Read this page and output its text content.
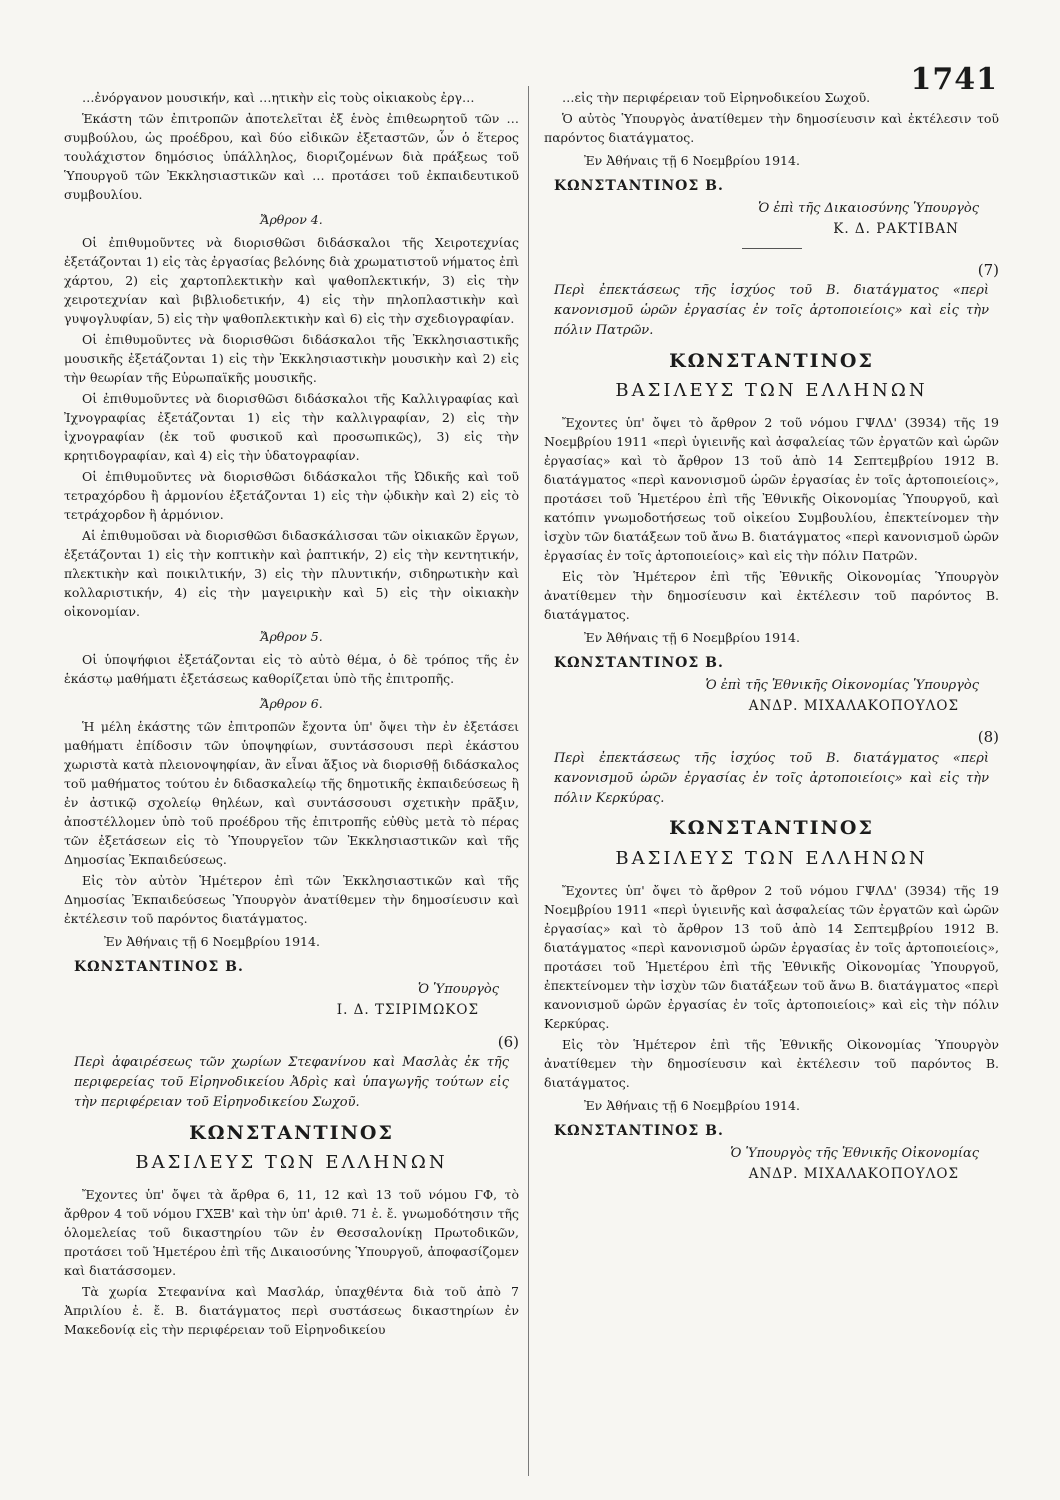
1741

…ἐνόργανον μουσικήν, καὶ …ητικὴν εἰς τοὺς οἰκιακοὺς ἐργ…

Ἑκάστη τῶν ἐπιτροπῶν ἀποτελεῖται ἐξ ἑνὸς ἐπιθεωρητοῦ τῶν … συμβούλου, ὡς προέδρου, καὶ δύο εἰδικῶν ἐξεταστῶν, ὧν ὁ ἕτερος τουλάχιστον δημόσιος ὑπάλληλος, διοριζομένων διὰ πράξεως τοῦ Ὑπουργοῦ τῶν Ἐκκλησιαστικῶν καὶ … προτάσει τοῦ ἐκπαιδευτικοῦ συμβουλίου.

Ἄρθρον 4.

Οἱ ἐπιθυμοῦντες νὰ διορισθῶσι διδάσκαλοι τῆς Χειροτεχνίας ἐξετάζονται 1) εἰς τὰς ἐργασίας βελόνης διὰ χρωματιστοῦ νήματος ἐπὶ χάρτου, 2) εἰς χαρτοπλεκτικὴν καὶ ψαθοπλεκτικήν, 3) εἰς τὴν χειροτεχνίαν καὶ βιβλιοδετικήν, 4) εἰς τὴν πηλοπλαστικὴν καὶ γυψογλυφίαν, 5) εἰς τὴν ψαθοπλεκτικὴν καὶ 6) εἰς τὴν σχεδιογραφίαν.

Οἱ ἐπιθυμοῦντες νὰ διορισθῶσι διδάσκαλοι τῆς Ἐκκλησιαστικῆς μουσικῆς ἐξετάζονται 1) εἰς τὴν Ἐκκλησιαστικὴν μουσικὴν καὶ 2) εἰς τὴν θεωρίαν τῆς Εὐρωπαϊκῆς μουσικῆς.

Οἱ ἐπιθυμοῦντες νὰ διορισθῶσι διδάσκαλοι τῆς Καλλιγραφίας καὶ Ἰχνογραφίας ἐξετάζονται 1) εἰς τὴν καλλιγραφίαν, 2) εἰς τὴν ἰχνογραφίαν (ἐκ τοῦ φυσικοῦ καὶ προσωπικῶς), 3) εἰς τὴν κρητιδογραφίαν, καὶ 4) εἰς τὴν ὑδατογραφίαν.

Οἱ ἐπιθυμοῦντες νὰ διορισθῶσι διδάσκαλοι τῆς Ὠδικῆς καὶ τοῦ τετραχόρδου ἢ ἁρμονίου ἐξετάζονται 1) εἰς τὴν ᾠδικὴν καὶ 2) εἰς τὸ τετράχορδον ἢ ἁρμόνιον.

Αἱ ἐπιθυμοῦσαι νὰ διορισθῶσι διδασκάλισσαι τῶν οἰκιακῶν ἔργων, ἐξετάζονται 1) εἰς τὴν κοπτικὴν καὶ ῥαπτικήν, 2) εἰς τὴν κεντητικήν, πλεκτικὴν καὶ ποικιλτικήν, 3) εἰς τὴν πλυντικήν, σιδηρωτικὴν καὶ κολλαριστικήν, 4) εἰς τὴν μαγειρικὴν καὶ 5) εἰς τὴν οἰκιακὴν οἰκονομίαν.

Ἄρθρον 5.

Οἱ ὑποψήφιοι ἐξετάζονται εἰς τὸ αὐτὸ θέμα, ὁ δὲ τρόπος τῆς ἐν ἑκάστῳ μαθήματι ἐξετάσεως καθορίζεται ὑπὸ τῆς ἐπιτροπῆς.

Ἄρθρον 6.

Ἡ μέλη ἑκάστης τῶν ἐπιτροπῶν ἔχοντα ὑπ' ὄψει τὴν ἐν ἐξετάσει μαθήματι ἐπίδοσιν τῶν ὑποψηφίων, συντάσσουσι περὶ ἑκάστου χωριστὰ κατὰ πλειονοψηφίαν, ἂν εἶναι ἄξιος νὰ διορισθῇ διδάσκαλος τοῦ μαθήματος τούτου ἐν διδασκαλείῳ τῆς δημοτικῆς ἐκπαιδεύσεως ἢ ἐν ἀστικῷ σχολείῳ θηλέων, καὶ συντάσσουσι σχετικὴν πρᾶξιν, ἀποστέλλομεν ὑπὸ τοῦ προέδρου τῆς ἐπιτροπῆς εὐθὺς μετὰ τὸ πέρας τῶν ἐξετάσεων εἰς τὸ Ὑπουργεῖον τῶν Ἐκκλησιαστικῶν καὶ τῆς Δημοσίας Ἐκπαιδεύσεως.

Εἰς τὸν αὐτὸν Ἡμέτερον ἐπὶ τῶν Ἐκκλησιαστικῶν καὶ τῆς Δημοσίας Ἐκπαιδεύσεως Ὑπουργὸν ἀνατίθεμεν τὴν δημοσίευσιν καὶ ἐκτέλεσιν τοῦ παρόντος διατάγματος.

Ἐν Ἀθήναις τῇ 6 Νοεμβρίου 1914.

ΚΩΝΣΤΑΝΤΙΝΟΣ Β.

Ὁ Ὑπουργὸς

Ι. Δ. ΤΣΙΡΙΜΩΚΟΣ

(6)

Περὶ ἀφαιρέσεως τῶν χωρίων Στεφανίνου καὶ Μασλὰς ἐκ τῆς περιφερείας τοῦ Εἰρηνοδικείου Ἀδρὶς καὶ ὑπαγωγῆς τούτων εἰς τὴν περιφέρειαν τοῦ Εἰρηνοδικείου Σωχοῦ.

ΚΩΝΣΤΑΝΤΙΝΟΣ

ΒΑΣΙΛΕΥΣ ΤΩΝ ΕΛΛΗΝΩΝ

Ἔχοντες ὑπ' ὄψει τὰ ἄρθρα 6, 11, 12 καὶ 13 τοῦ νόμου ΓΦ, τὸ ἄρθρον 4 τοῦ νόμου ΓΧΞΒ' καὶ τὴν ὑπ' ἀριθ. 71 ἐ. ἔ. γνωμοδότησιν τῆς ὁλομελείας τοῦ δικαστηρίου τῶν ἐν Θεσσαλονίκῃ Πρωτοδικῶν, προτάσει τοῦ Ἡμετέρου ἐπὶ τῆς Δικαιοσύνης Ὑπουργοῦ, ἀποφασίζομεν καὶ διατάσσομεν.

Τὰ χωρία Στεφανίνα καὶ Μασλάρ, ὑπαχθέντα διὰ τοῦ ἀπὸ 7 Ἀπριλίου ἐ. ἔ. Β. διατάγματος περὶ συστάσεως δικαστηρίων ἐν Μακεδονίᾳ εἰς τὴν περιφέρειαν τοῦ Εἰρηνοδικείου

…εἰς τὴν περιφέρειαν τοῦ Εἰρηνοδικείου Σωχοῦ.

Ὁ αὐτὸς Ὑπουργὸς ἀνατίθεμεν τὴν δημοσίευσιν καὶ ἐκτέλεσιν τοῦ παρόντος διατάγματος.

Ἐν Ἀθήναις τῇ 6 Νοεμβρίου 1914.

ΚΩΝΣΤΑΝΤΙΝΟΣ Β.

Ὁ ἐπὶ τῆς Δικαιοσύνης Ὑπουργὸς

Κ. Δ. ΡΑΚΤΙΒΑΝ

(7)

Περὶ ἐπεκτάσεως τῆς ἰσχύος τοῦ Β. διατάγματος «περὶ κανονισμοῦ ὡρῶν ἐργασίας ἐν τοῖς ἀρτοποιείοις» καὶ εἰς τὴν πόλιν Πατρῶν.

ΚΩΝΣΤΑΝΤΙΝΟΣ

ΒΑΣΙΛΕΥΣ ΤΩΝ ΕΛΛΗΝΩΝ

Ἔχοντες ὑπ' ὄψει τὸ ἄρθρον 2 τοῦ νόμου ΓΨΛΔ' (3934) τῆς 19 Νοεμβρίου 1911 «περὶ ὑγιεινῆς καὶ ἀσφαλείας τῶν ἐργατῶν καὶ ὡρῶν ἐργασίας» καὶ τὸ ἄρθρον 13 τοῦ ἀπὸ 14 Σεπτεμβρίου 1912 Β. διατάγματος «περὶ κανονισμοῦ ὡρῶν ἐργασίας ἐν τοῖς ἀρτοποιείοις», προτάσει τοῦ Ἡμετέρου ἐπὶ τῆς Ἐθνικῆς Οἰκονομίας Ὑπουργοῦ, καὶ κατόπιν γνωμοδοτήσεως τοῦ οἰκείου Συμβουλίου, ἐπεκτείνομεν τὴν ἰσχὺν τῶν διατάξεων τοῦ ἄνω Β. διατάγματος «περὶ κανονισμοῦ ὡρῶν ἐργασίας ἐν τοῖς ἀρτοποιείοις» καὶ εἰς τὴν πόλιν Πατρῶν.

Εἰς τὸν Ἡμέτερον ἐπὶ τῆς Ἐθνικῆς Οἰκονομίας Ὑπουργὸν ἀνατίθεμεν τὴν δημοσίευσιν καὶ ἐκτέλεσιν τοῦ παρόντος Β. διατάγματος.

Ἐν Ἀθήναις τῇ 6 Νοεμβρίου 1914.

ΚΩΝΣΤΑΝΤΙΝΟΣ Β.

Ὁ ἐπὶ τῆς Ἐθνικῆς Οἰκονομίας Ὑπουργὸς

ΑΝΔΡ. ΜΙΧΑΛΑΚΟΠΟΥΛΟΣ

(8)

Περὶ ἐπεκτάσεως τῆς ἰσχύος τοῦ Β. διατάγματος «περὶ κανονισμοῦ ὡρῶν ἐργασίας ἐν τοῖς ἀρτοποιείοις» καὶ εἰς τὴν πόλιν Κερκύρας.

ΚΩΝΣΤΑΝΤΙΝΟΣ

ΒΑΣΙΛΕΥΣ ΤΩΝ ΕΛΛΗΝΩΝ

Ἔχοντες ὑπ' ὄψει τὸ ἄρθρον 2 τοῦ νόμου ΓΨΛΔ' (3934) τῆς 19 Νοεμβρίου 1911 «περὶ ὑγιεινῆς καὶ ἀσφαλείας τῶν ἐργατῶν καὶ ὡρῶν ἐργασίας» καὶ τὸ ἄρθρον 13 τοῦ ἀπὸ 14 Σεπτεμβρίου 1912 Β. διατάγματος «περὶ κανονισμοῦ ὡρῶν ἐργασίας ἐν τοῖς ἀρτοποιείοις», προτάσει τοῦ Ἡμετέρου ἐπὶ τῆς Ἐθνικῆς Οἰκονομίας Ὑπουργοῦ, ἐπεκτείνομεν τὴν ἰσχὺν τῶν διατάξεων τοῦ ἄνω Β. διατάγματος «περὶ κανονισμοῦ ὡρῶν ἐργασίας ἐν τοῖς ἀρτοποιείοις» καὶ εἰς τὴν πόλιν Κερκύρας.

Εἰς τὸν Ἡμέτερον ἐπὶ τῆς Ἐθνικῆς Οἰκονομίας Ὑπουργὸν ἀνατίθεμεν τὴν δημοσίευσιν καὶ ἐκτέλεσιν τοῦ παρόντος Β. διατάγματος.

Ἐν Ἀθήναις τῇ 6 Νοεμβρίου 1914.

ΚΩΝΣΤΑΝΤΙΝΟΣ Β.

Ὁ Ὑπουργὸς τῆς Ἐθνικῆς Οἰκονομίας

ΑΝΔΡ. ΜΙΧΑΛΑΚΟΠΟΥΛΟΣ
